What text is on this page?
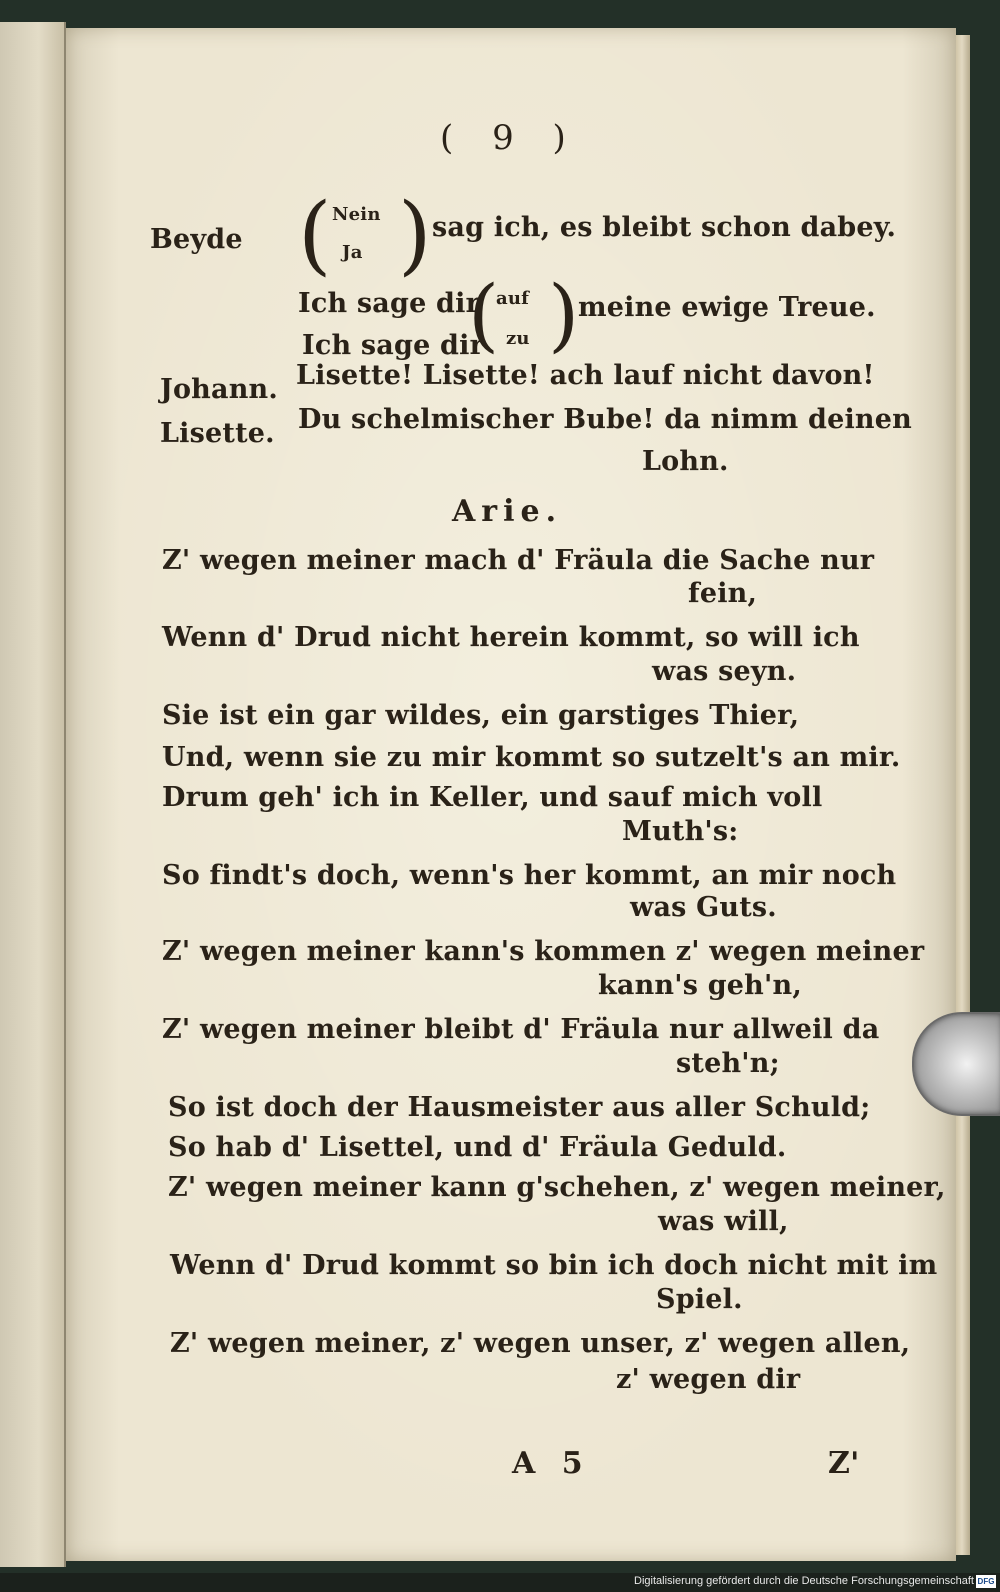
( 9 )
Beyde ( Nein
Ja ) sag ich, es bleibt schon dabey.
Ich sage dir
Ich sage dir
(
auf
zu )
meine ewige Treue.
Johann. Lisette! Lisette! ach lauf nicht davon!
Lisette. Du schelmischer Bube! da nimm deinen
Lohn.
Arie.
Z' wegen meiner mach d' Fräula die Sache nur
fein,
Wenn d' Drud nicht herein kommt, so will ich
was seyn.
Sie ist ein gar wildes, ein garstiges Thier,
Und, wenn sie zu mir kommt so sutzelt's an mir.
Drum geh' ich in Keller, und sauf mich voll
Muth's:
So findt's doch, wenn's her kommt, an mir noch
was Guts.
Z' wegen meiner kann's kommen z' wegen meiner
kann's geh'n,
Z' wegen meiner bleibt d' Fräula nur allweil da
steh'n;
So ist doch der Hausmeister aus aller Schuld;
So hab d' Lisettel, und d' Fräula Geduld.
Z' wegen meiner kann g'schehen, z' wegen meiner,
was will,
Wenn d' Drud kommt so bin ich doch nicht mit im
Spiel.
Z' wegen meiner, z' wegen unser, z' wegen allen,
z' wegen dir
A 5	Z'
Digitalisierung gefördert durch die Deutsche Forschungsgemeinschaft DFG
